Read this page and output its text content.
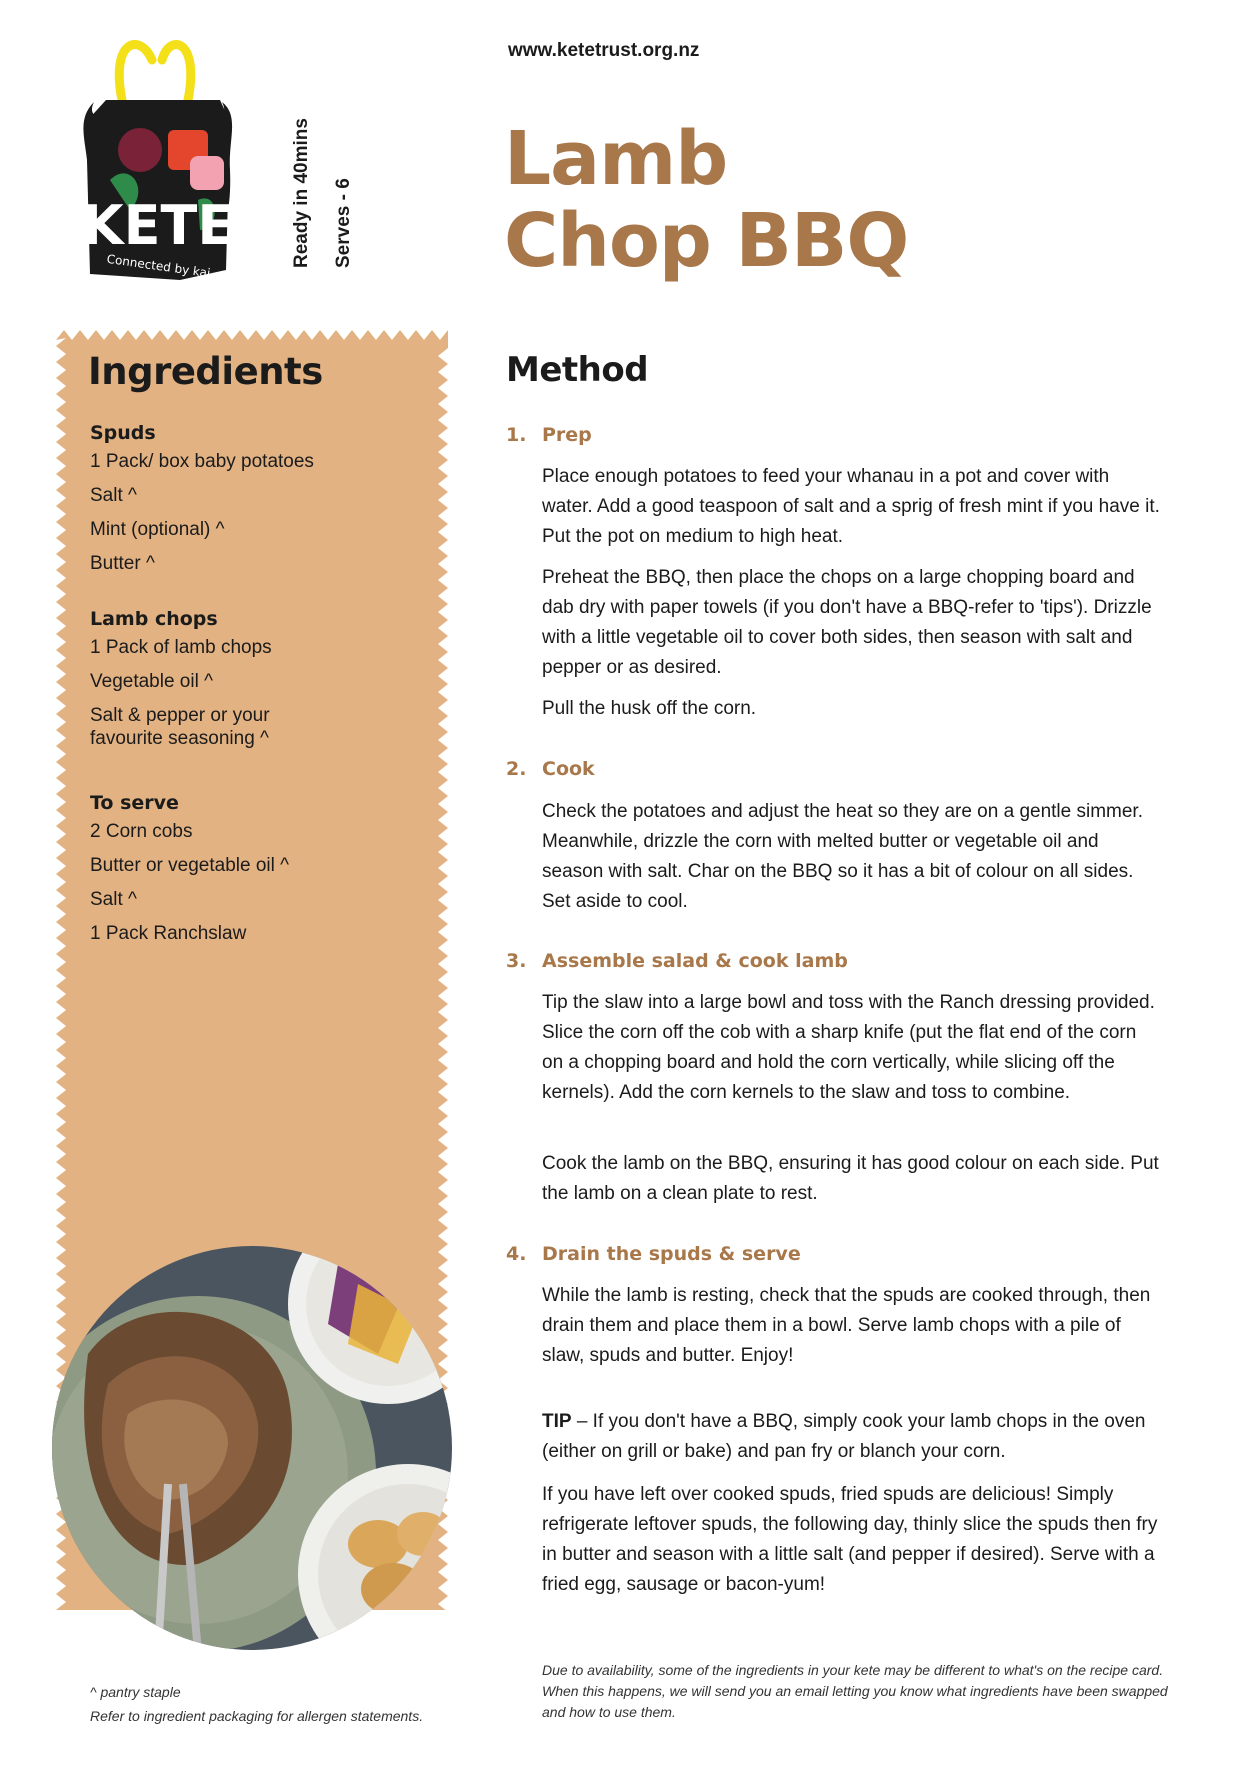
KETE
Connected by kai	Ready in 40mins Serves - 6
www.ketetrust.org.nz
Lamb
Chop BBQ
Ingredients
Spuds
1 Pack/ box baby potatoes
Salt ^
Mint (optional) ^
Butter ^
Lamb chops
1 Pack of lamb chops
Vegetable oil ^
Salt & pepper or your
favourite seasoning ^
To serve
2 Corn cobs
Butter or vegetable oil ^
Salt ^
1 Pack Ranchslaw
^ pantry staple
Refer to ingredient packaging for allergen statements.
Method
1. Prep

Place enough potatoes to feed your whanau in a pot and cover with water. Add a good teaspoon of salt and a sprig of fresh mint if you have it. Put the pot on medium to high heat.

Preheat the BBQ, then place the chops on a large chopping board and dab dry with paper towels (if you don't have a BBQ-refer to 'tips'). Drizzle with a little vegetable oil to cover both sides, then season with salt and pepper or as desired.

Pull the husk off the corn.

2. Cook

Check the potatoes and adjust the heat so they are on a gentle simmer. Meanwhile, drizzle the corn with melted butter or vegetable oil and season with salt. Char on the BBQ so it has a bit of colour on all sides. Set aside to cool.

3. Assemble salad & cook lamb

Tip the slaw into a large bowl and toss with the Ranch dressing provided. Slice the corn off the cob with a sharp knife (put the flat end of the corn on a chopping board and hold the corn vertically, while slicing off the kernels). Add the corn kernels to the slaw and toss to combine.

Cook the lamb on the BBQ, ensuring it has good colour on each side. Put the lamb on a clean plate to rest.

4. Drain the spuds & serve

While the lamb is resting, check that the spuds are cooked through, then drain them and place them in a bowl. Serve lamb chops with a pile of slaw, spuds and butter. Enjoy!

TIP – If you don't have a BBQ, simply cook your lamb chops in the oven (either on grill or bake) and pan fry or blanch your corn.

If you have left over cooked spuds, fried spuds are delicious! Simply refrigerate leftover spuds, the following day, thinly slice the spuds then fry in butter and season with a little salt (and pepper if desired). Serve with a fried egg, sausage or bacon-yum!

Due to availability, some of the ingredients in your kete may be different to what's on the recipe card. When this happens, we will send you an email letting you know what ingredients have been swapped and how to use them.
